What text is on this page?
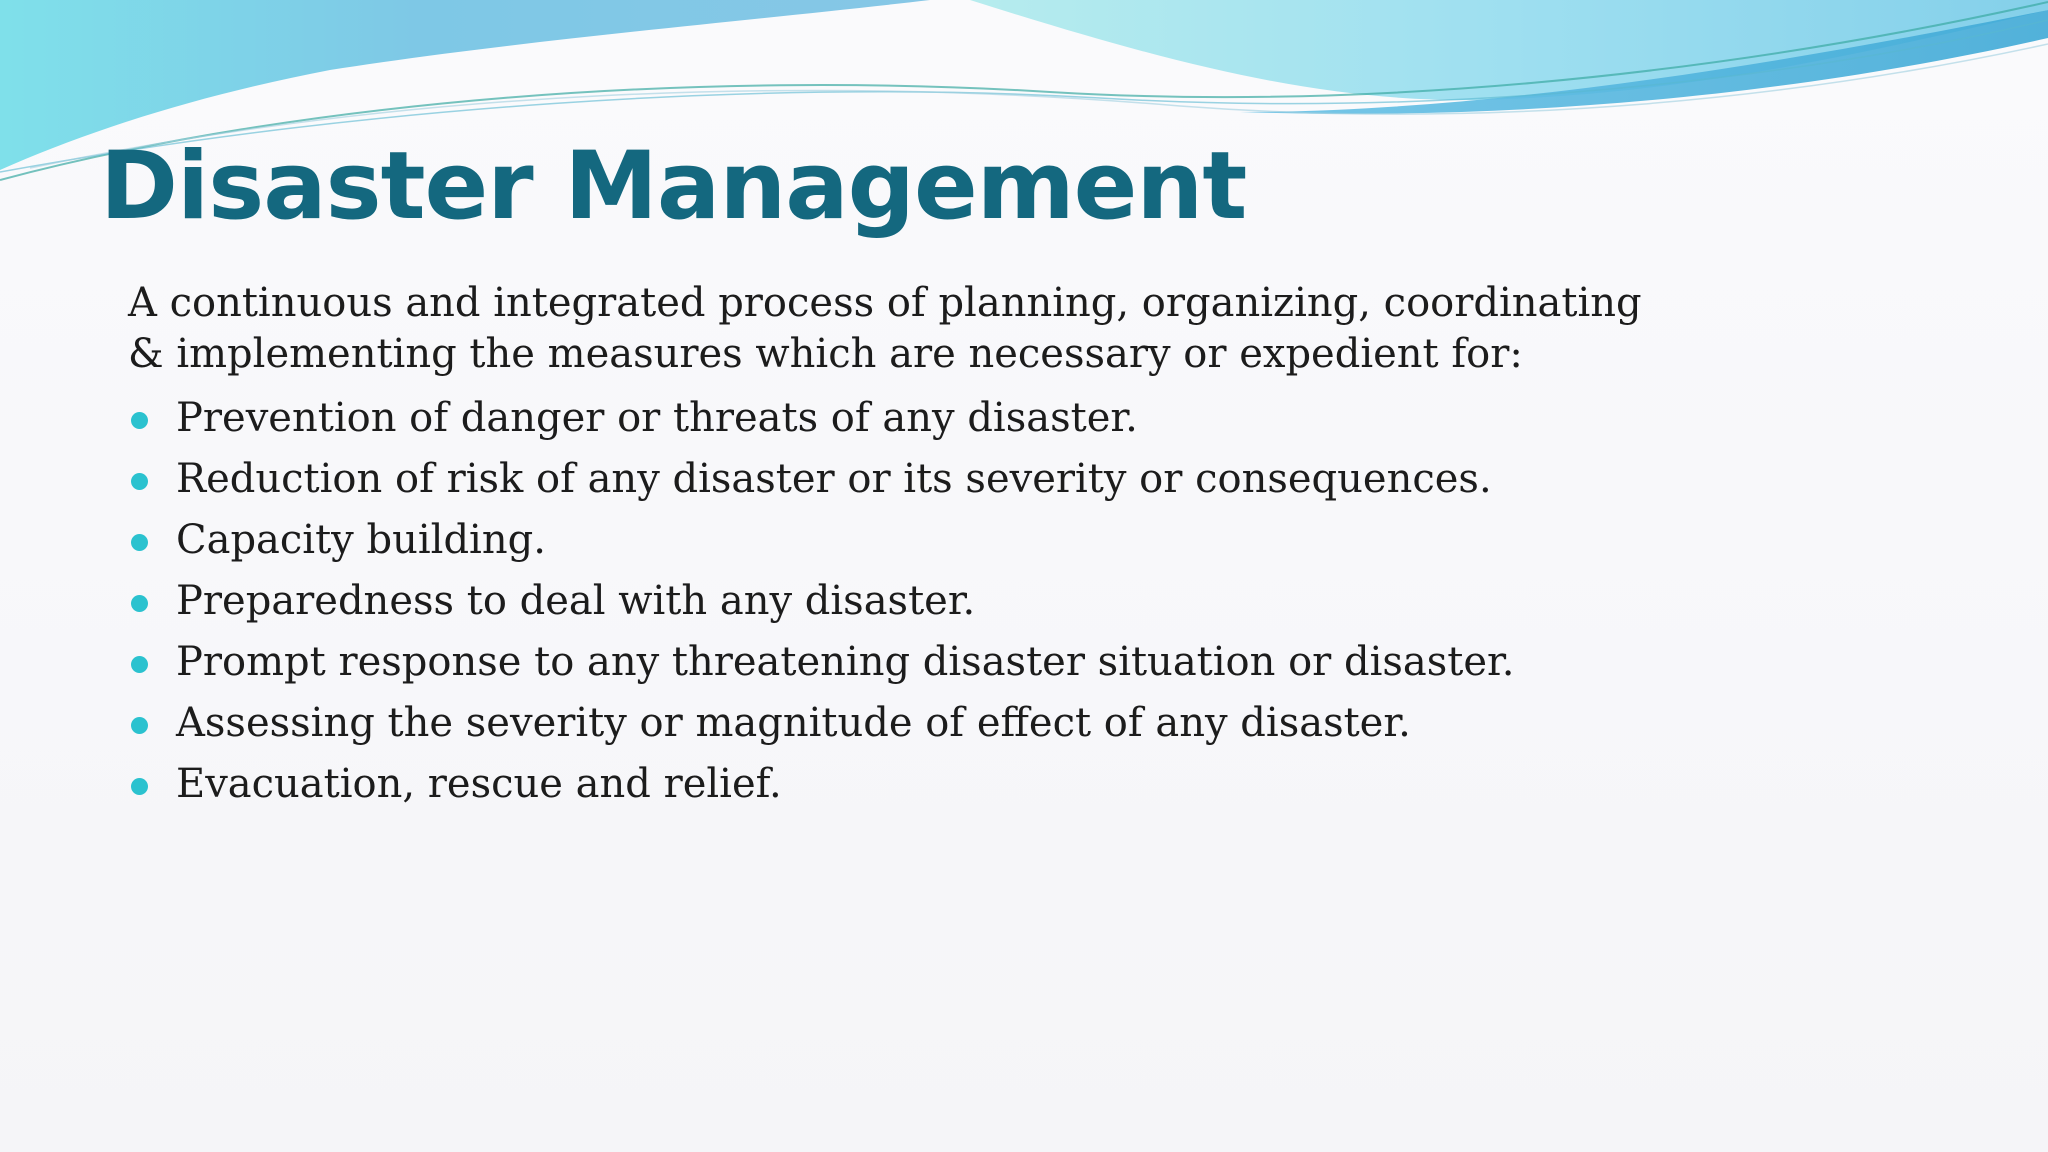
Disaster Management

A continuous and integrated process of planning, organizing, coordinating & implementing the measures which are necessary or expedient for:

Prevention of danger or threats of any disaster.
Reduction of risk of any disaster or its severity or consequences.
Capacity building.
Preparedness to deal with any disaster.
Prompt response to any threatening disaster situation or disaster.
Assessing the severity or magnitude of effect of any disaster.
Evacuation, rescue and relief.
